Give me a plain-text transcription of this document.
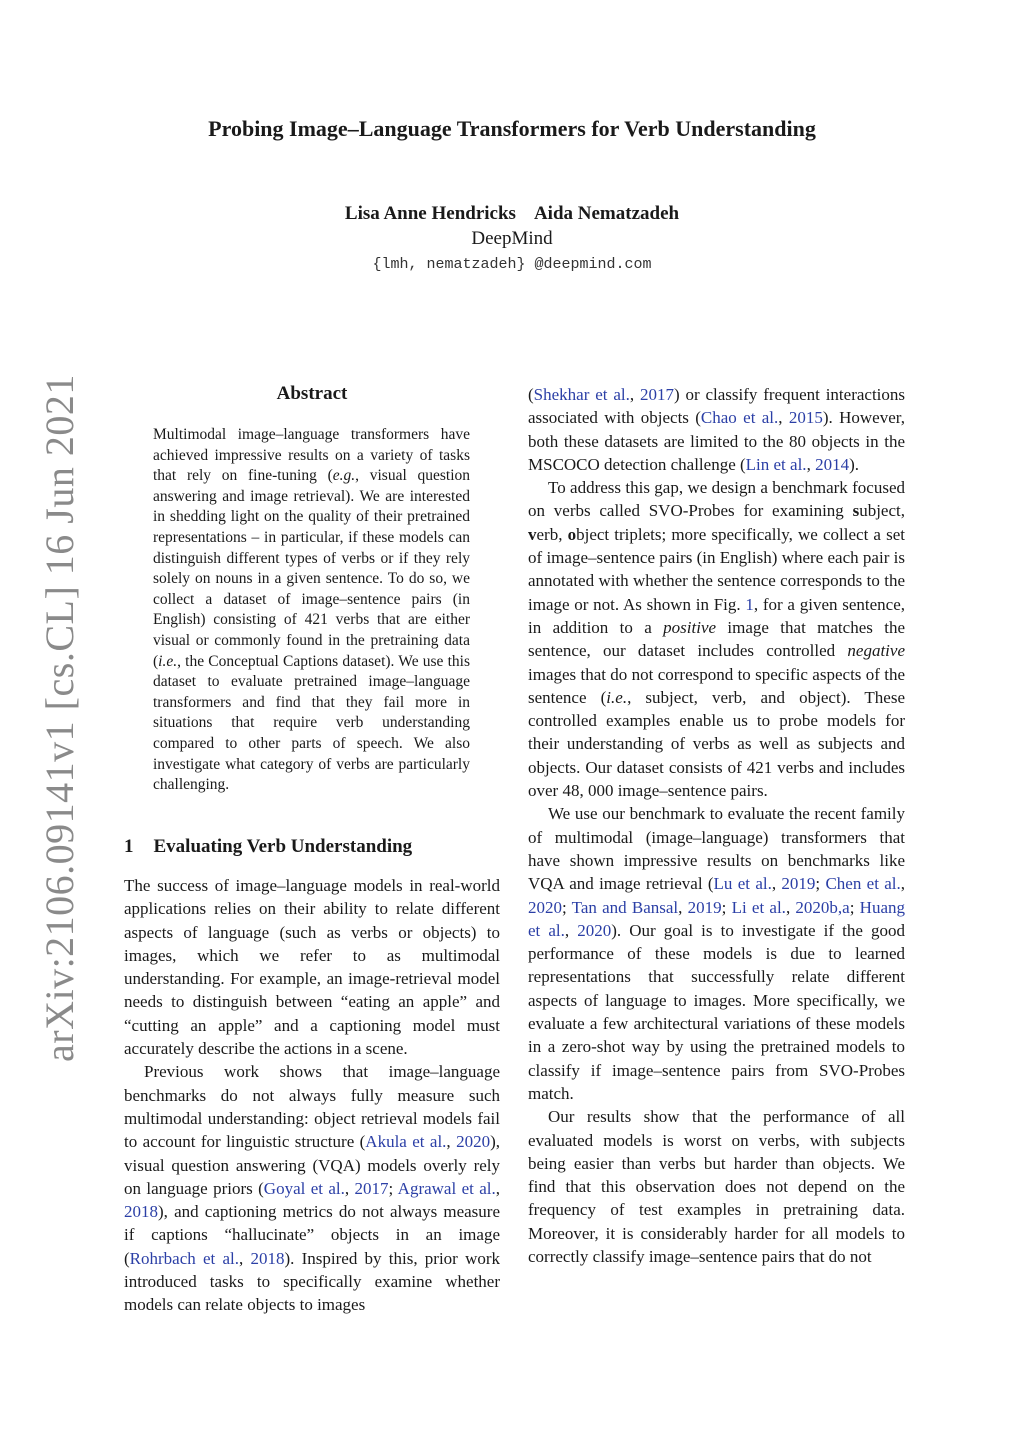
arXiv:2106.09141v1 [cs.CL] 16 Jun 2021
Probing Image–Language Transformers for Verb Understanding
Lisa Anne Hendricks Aida Nematzadeh
DeepMind
{lmh, nematzadeh} @deepmind.com
Abstract
Multimodal image–language transformers have achieved impressive results on a variety of tasks that rely on fine-tuning (e.g., visual question answering and image retrieval). We are interested in shedding light on the quality of their pretrained representations – in particular, if these models can distinguish different types of verbs or if they rely solely on nouns in a given sentence. To do so, we collect a dataset of image–sentence pairs (in English) consisting of 421 verbs that are either visual or commonly found in the pretraining data (i.e., the Conceptual Captions dataset). We use this dataset to evaluate pretrained image–language transformers and find that they fail more in situations that require verb understanding compared to other parts of speech. We also investigate what category of verbs are particularly challenging.
1 Evaluating Verb Understanding

The success of image–language models in real-world applications relies on their ability to relate different aspects of language (such as verbs or objects) to images, which we refer to as multimodal understanding. For example, an image-retrieval model needs to distinguish between “eating an apple” and “cutting an apple” and a captioning model must accurately describe the actions in a scene.

Previous work shows that image–language benchmarks do not always fully measure such multimodal understanding: object retrieval models fail to account for linguistic structure (Akula et al., 2020), visual question answering (VQA) models overly rely on language priors (Goyal et al., 2017; Agrawal et al., 2018), and captioning metrics do not always measure if captions “hallucinate” objects in an image (Rohrbach et al., 2018). Inspired by this, prior work introduced tasks to specifically examine whether models can relate objects to images

(Shekhar et al., 2017) or classify frequent interactions associated with objects (Chao et al., 2015). However, both these datasets are limited to the 80 objects in the MSCOCO detection challenge (Lin et al., 2014).

To address this gap, we design a benchmark focused on verbs called SVO-Probes for examining subject, verb, object triplets; more specifically, we collect a set of image–sentence pairs (in English) where each pair is annotated with whether the sentence corresponds to the image or not. As shown in Fig. 1, for a given sentence, in addition to a positive image that matches the sentence, our dataset includes controlled negative images that do not correspond to specific aspects of the sentence (i.e., subject, verb, and object). These controlled examples enable us to probe models for their understanding of verbs as well as subjects and objects. Our dataset consists of 421 verbs and includes over 48, 000 image–sentence pairs.

We use our benchmark to evaluate the recent family of multimodal (image–language) transformers that have shown impressive results on benchmarks like VQA and image retrieval (Lu et al., 2019; Chen et al., 2020; Tan and Bansal, 2019; Li et al., 2020b,a; Huang et al., 2020). Our goal is to investigate if the good performance of these models is due to learned representations that successfully relate different aspects of language to images. More specifically, we evaluate a few architectural variations of these models in a zero-shot way by using the pretrained models to classify if image–sentence pairs from SVO-Probes match.

Our results show that the performance of all evaluated models is worst on verbs, with subjects being easier than verbs but harder than objects. We find that this observation does not depend on the frequency of test examples in pretraining data. Moreover, it is considerably harder for all models to correctly classify image–sentence pairs that do not
